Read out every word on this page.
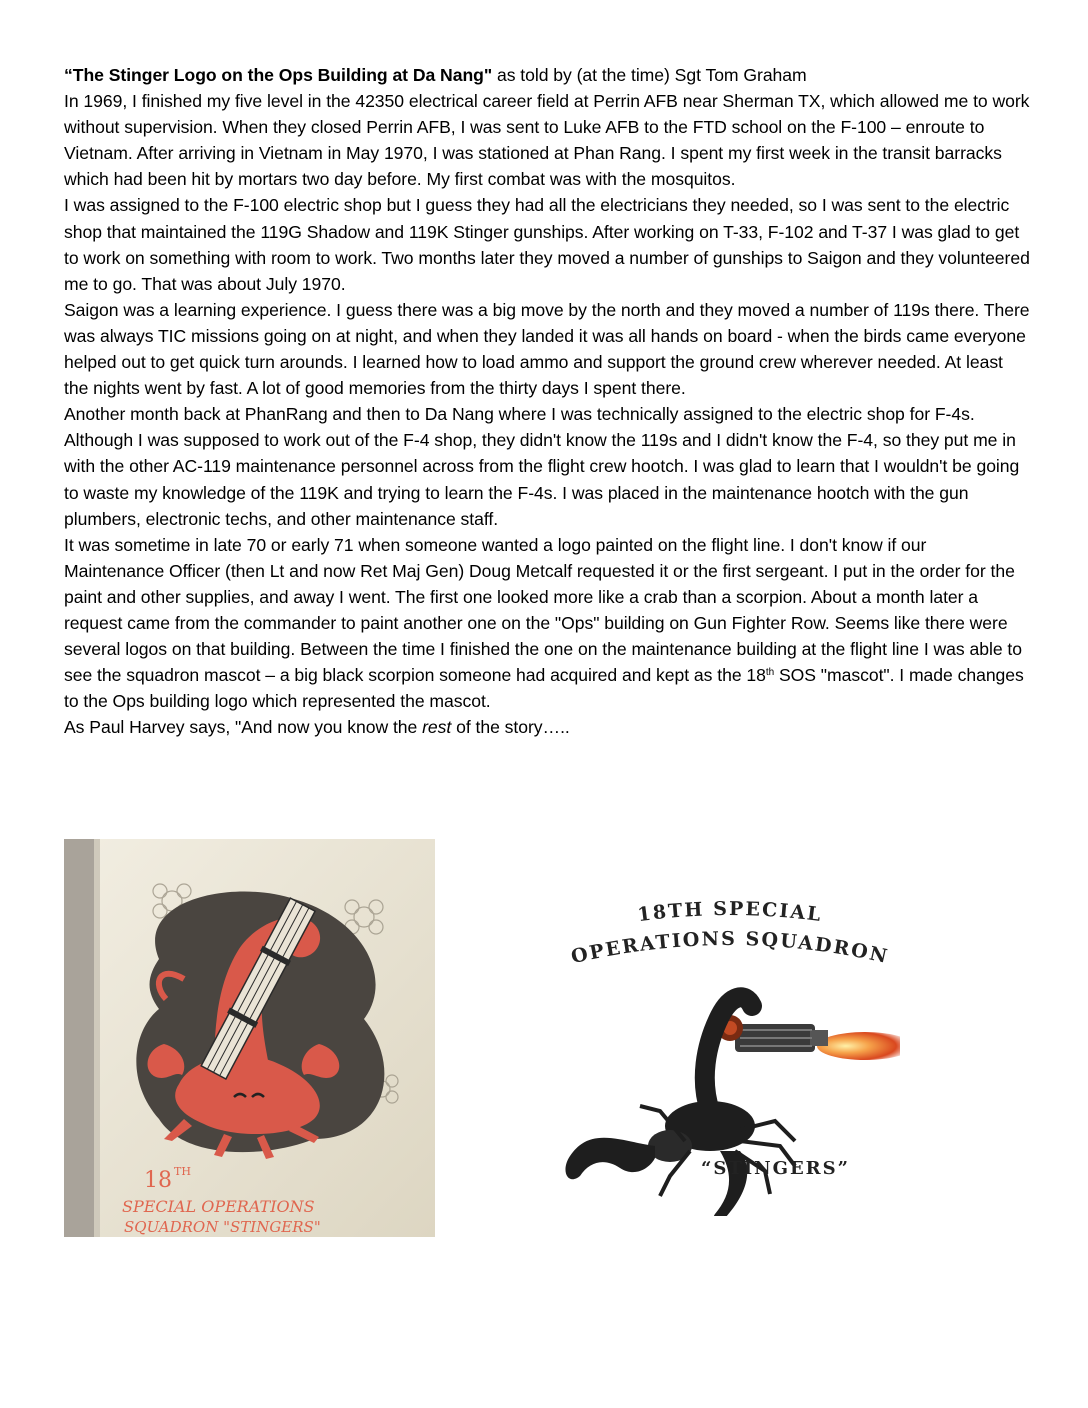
“The Stinger Logo on the Ops Building at Da Nang" as told by (at the time) Sgt Tom Graham

In 1969, I finished my five level in the 42350 electrical career field at Perrin AFB near Sherman TX, which allowed me to work without supervision. When they closed Perrin AFB, I was sent to Luke AFB to the FTD school on the F-100 – enroute to Vietnam. After arriving in Vietnam in May 1970, I was stationed at Phan Rang. I spent my first week in the transit barracks which had been hit by mortars two day before. My first combat was with the mosquitos.

I was assigned to the F-100 electric shop but I guess they had all the electricians they needed, so I was sent to the electric shop that maintained the 119G Shadow and 119K Stinger gunships. After working on T-33, F-102 and T-37 I was glad to get to work on something with room to work. Two months later they moved a number of gunships to Saigon and they volunteered me to go. That was about July 1970.

Saigon was a learning experience. I guess there was a big move by the north and they moved a number of 119s there. There was always TIC missions going on at night, and when they landed it was all hands on board - when the birds came everyone helped out to get quick turn arounds. I learned how to load ammo and support the ground crew wherever needed. At least the nights went by fast. A lot of good memories from the thirty days I spent there.

Another month back at PhanRang and then to Da Nang where I was technically assigned to the electric shop for F-4s. Although I was supposed to work out of the F-4 shop, they didn't know the 119s and I didn't know the F-4, so they put me in with the other AC-119 maintenance personnel across from the flight crew hootch. I was glad to learn that I wouldn't be going to waste my knowledge of the 119K and trying to learn the F-4s. I was placed in the maintenance hootch with the gun plumbers, electronic techs, and other maintenance staff.

It was sometime in late 70 or early 71 when someone wanted a logo painted on the flight line. I don't know if our Maintenance Officer (then Lt and now Ret Maj Gen) Doug Metcalf requested it or the first sergeant. I put in the order for the paint and other supplies, and away I went. The first one looked more like a crab than a scorpion. About a month later a request came from the commander to paint another one on the "Ops" building on Gun Fighter Row. Seems like there were several logos on that building. Between the time I finished the one on the maintenance building at the flight line I was able to see the squadron mascot – a big black scorpion someone had acquired and kept as the 18th SOS "mascot". I made changes to the Ops building logo which represented the mascot.

As Paul Harvey says, "And now you know the rest of the story…..

18 TH
SPECIAL OPERATIONS
SQUADRON "STINGERS"
18TH SPECIAL
OPERATIONS SQUADRON
“STINGERS”
